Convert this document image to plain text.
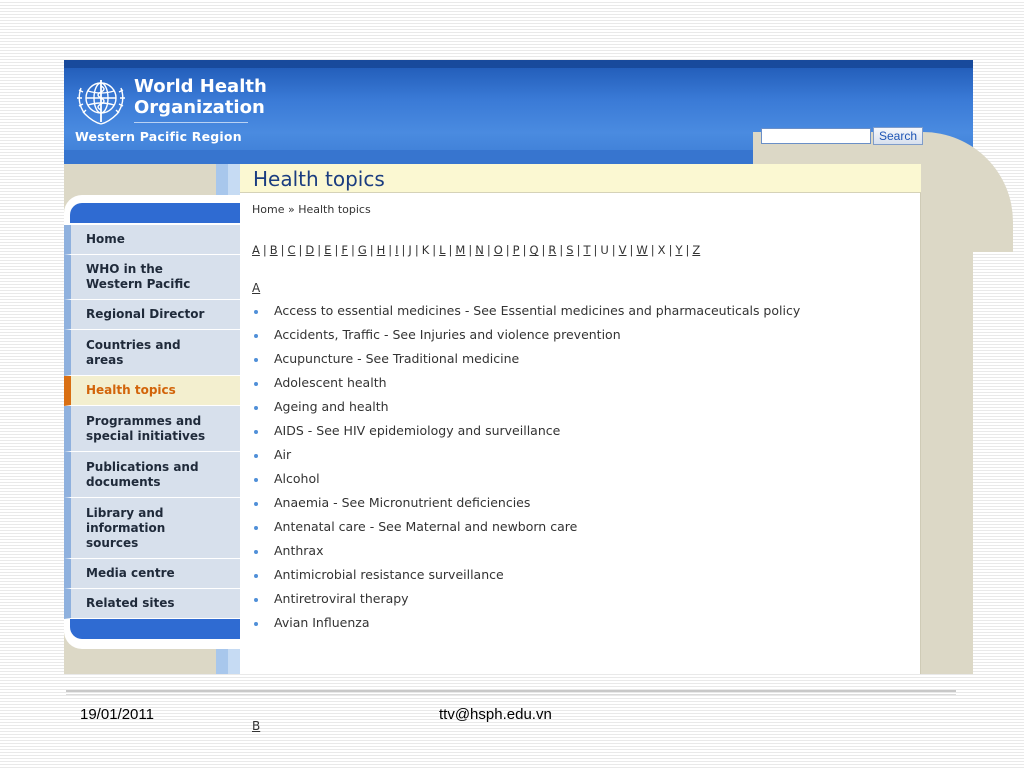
World Health
Organization
Western Pacific Region	Search
Home
WHO in the
Western Pacific
Regional Director
Countries and
areas
Health topics
Programmes and
special initiatives
Publications and
documents
Library and
information
sources
Media centre
Related sites
Health topics
Home » Health topics
A | B | C | D | E | F | G | H | I | J | K | L | M | N | O | P | Q | R | S | T | U | V | W | X | Y | Z
A
Access to essential medicines - See Essential medicines and pharmaceuticals policy
Accidents, Traffic - See Injuries and violence prevention
Acupuncture - See Traditional medicine
Adolescent health
Ageing and health
AIDS - See HIV epidemiology and surveillance
Air
Alcohol
Anaemia - See Micronutrient deficiencies
Antenatal care - See Maternal and newborn care
Anthrax
Antimicrobial resistance surveillance
Antiretroviral therapy
Avian Influenza
B
19/01/2011	ttv@hsph.edu.vn
